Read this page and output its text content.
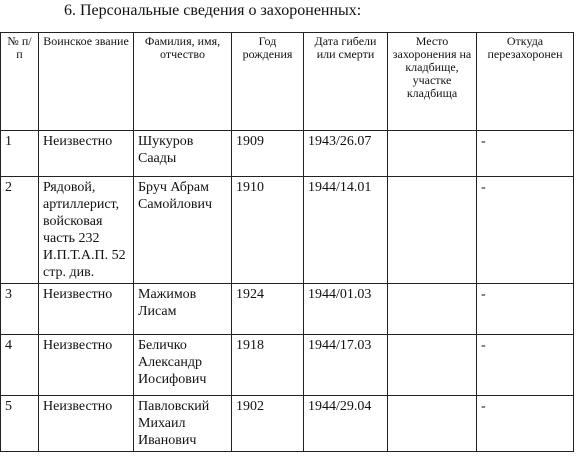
6. Персональные сведения о захороненных:
№ п/п	Воинское звание	Фамилия, имя, отчество	Год рождения	Дата гибели или смерти	Место захоронения на кладбище, участке кладбища	Откуда перезахоронен
1	Неизвестно	Шукуров Саады	1909	1943/26.07		-
2	Рядовой, артиллерист, войсковая часть 232 И.П.Т.А.П. 52 стр. див.	Бруч Абрам Самойлович	1910	1944/14.01		-
3	Неизвестно	Мажимов Лисам	1924	1944/01.03		-
4	Неизвестно	Беличко Александр Иосифович	1918	1944/17.03		-
5	Неизвестно	Павловский Михаил Иванович	1902	1944/29.04		-
